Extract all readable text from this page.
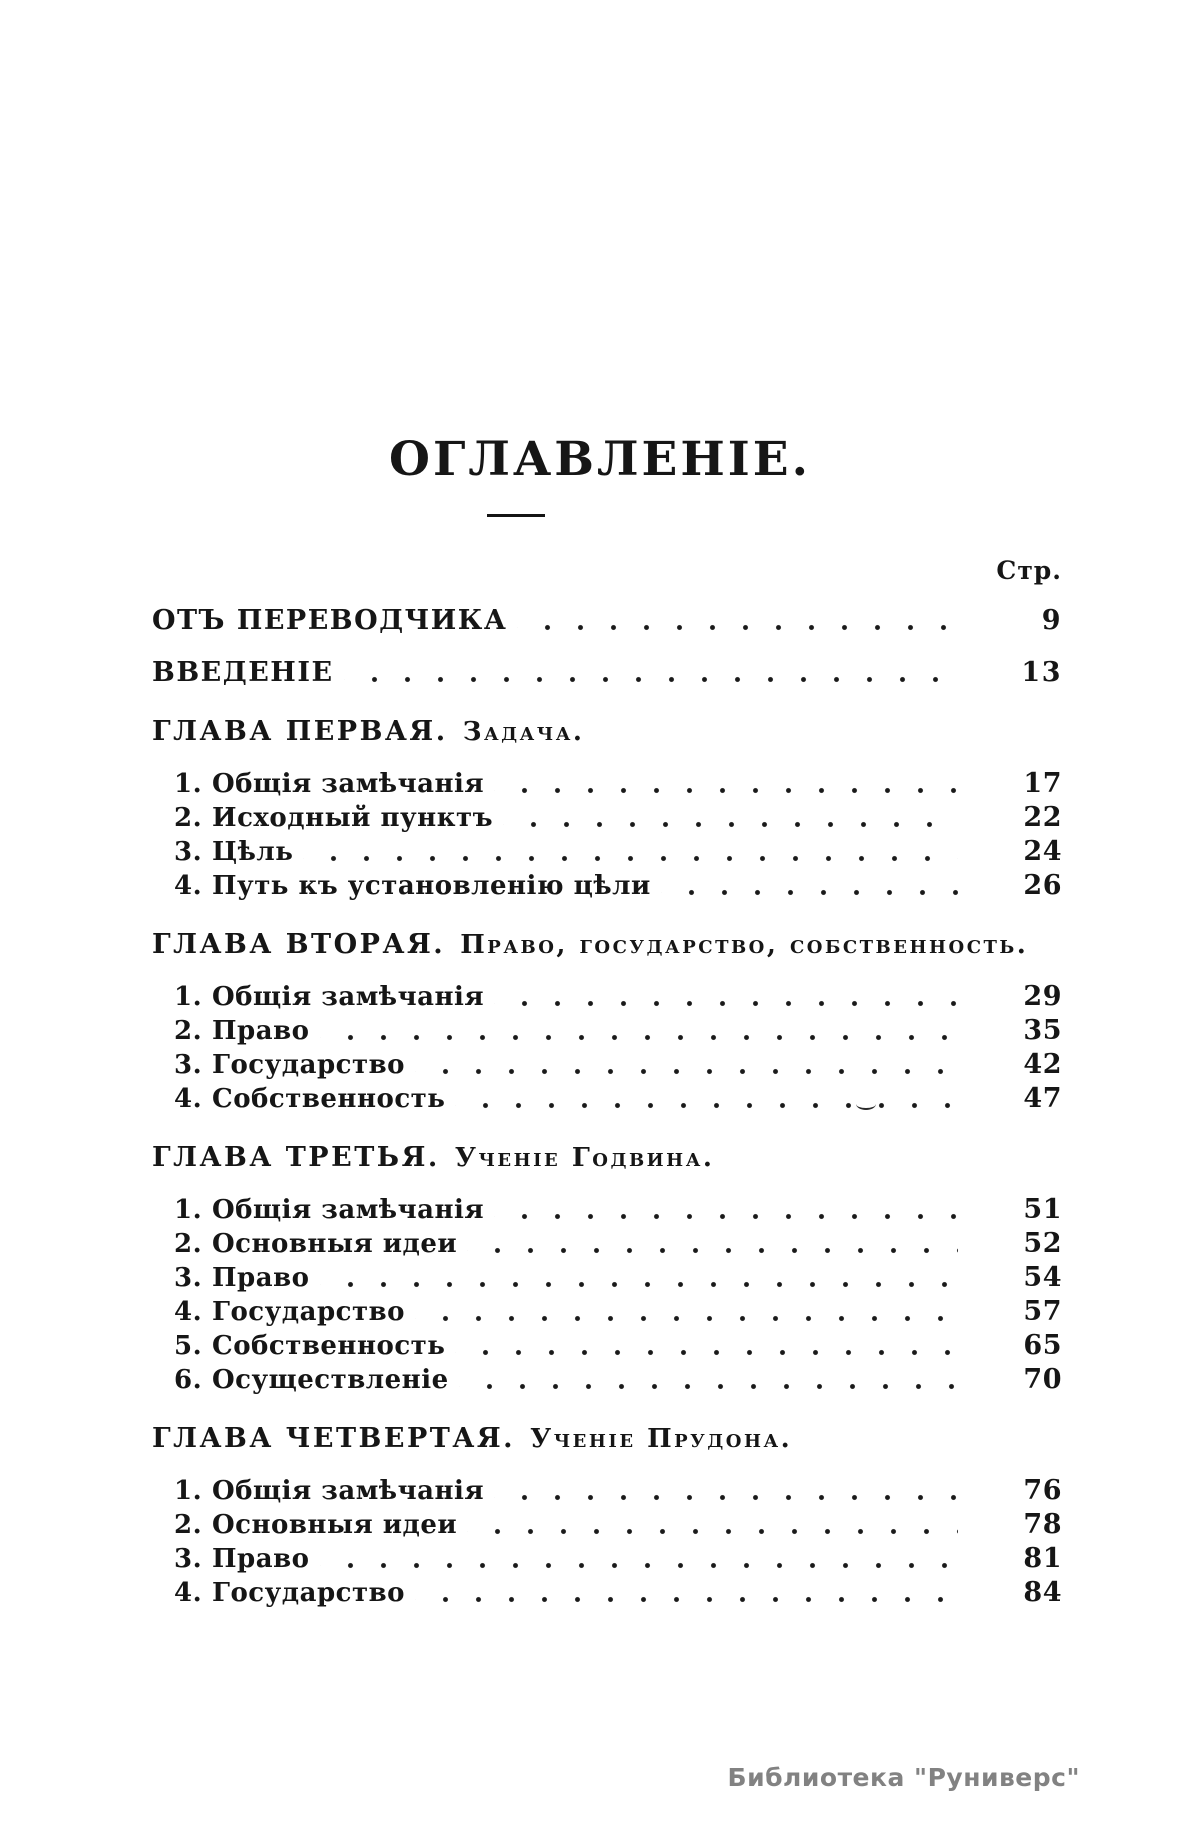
ОГЛАВЛЕНІЕ.
Стр.
ОТЪ ПЕРЕВОДЧИКА	9
ВВЕДЕНІЕ	13
ГЛАВА ПЕРВАЯ. Задача.
1. Общія замѣчанія	17
2. Исходный пунктъ	22
3. Цѣль	24
4. Путь къ установленію цѣли	26
ГЛАВА ВТОРАЯ. Право, государство, собственность.
1. Общія замѣчанія	29
2. Право	35
3. Государство	42
4. Собственность	47
ГЛАВА ТРЕТЬЯ. Ученіе Годвина.
1. Общія замѣчанія	51
2. Основныя идеи	52
3. Право	54
4. Государство	57
5. Собственность	65
6. Осуществленіе	70
ГЛАВА ЧЕТВЕРТАЯ. Ученіе Прудона.
1. Общія замѣчанія	76
2. Основныя идеи	78
3. Право	81
4. Государство	84
Библиотека "Руниверс"
